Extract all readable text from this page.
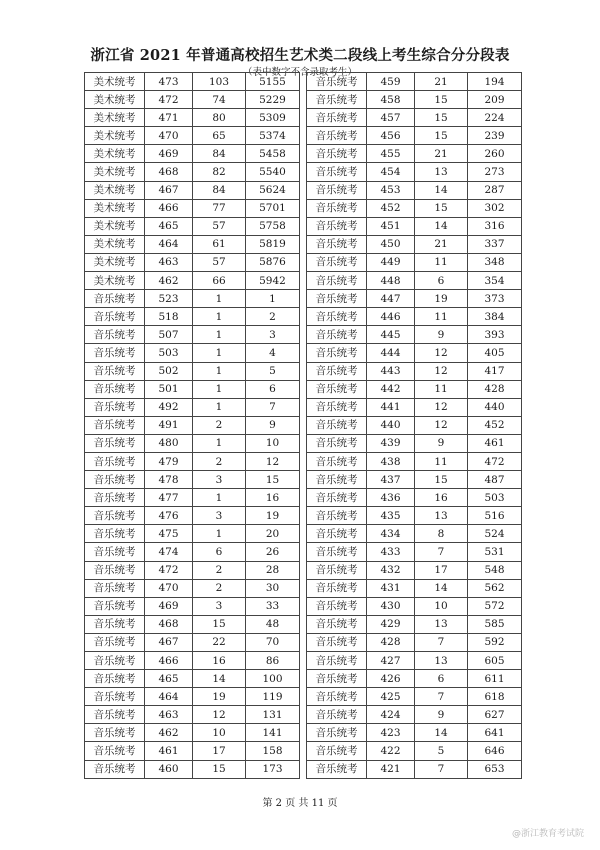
浙江省 2021 年普通高校招生艺术类二段线上考生综合分分段表
（表中数字不含录取考生）
美术统考	473	103	5155
美术统考	472	74	5229
美术统考	471	80	5309
美术统考	470	65	5374
美术统考	469	84	5458
美术统考	468	82	5540
美术统考	467	84	5624
美术统考	466	77	5701
美术统考	465	57	5758
美术统考	464	61	5819
美术统考	463	57	5876
美术统考	462	66	5942
音乐统考	523	1	1
音乐统考	518	1	2
音乐统考	507	1	3
音乐统考	503	1	4
音乐统考	502	1	5
音乐统考	501	1	6
音乐统考	492	1	7
音乐统考	491	2	9
音乐统考	480	1	10
音乐统考	479	2	12
音乐统考	478	3	15
音乐统考	477	1	16
音乐统考	476	3	19
音乐统考	475	1	20
音乐统考	474	6	26
音乐统考	472	2	28
音乐统考	470	2	30
音乐统考	469	3	33
音乐统考	468	15	48
音乐统考	467	22	70
音乐统考	466	16	86
音乐统考	465	14	100
音乐统考	464	19	119
音乐统考	463	12	131
音乐统考	462	10	141
音乐统考	461	17	158
音乐统考	460	15	173
音乐统考	459	21	194
音乐统考	458	15	209
音乐统考	457	15	224
音乐统考	456	15	239
音乐统考	455	21	260
音乐统考	454	13	273
音乐统考	453	14	287
音乐统考	452	15	302
音乐统考	451	14	316
音乐统考	450	21	337
音乐统考	449	11	348
音乐统考	448	6	354
音乐统考	447	19	373
音乐统考	446	11	384
音乐统考	445	9	393
音乐统考	444	12	405
音乐统考	443	12	417
音乐统考	442	11	428
音乐统考	441	12	440
音乐统考	440	12	452
音乐统考	439	9	461
音乐统考	438	11	472
音乐统考	437	15	487
音乐统考	436	16	503
音乐统考	435	13	516
音乐统考	434	8	524
音乐统考	433	7	531
音乐统考	432	17	548
音乐统考	431	14	562
音乐统考	430	10	572
音乐统考	429	13	585
音乐统考	428	7	592
音乐统考	427	13	605
音乐统考	426	6	611
音乐统考	425	7	618
音乐统考	424	9	627
音乐统考	423	14	641
音乐统考	422	5	646
音乐统考	421	7	653
第 2 页 共 11 页
@浙江教育考试院
